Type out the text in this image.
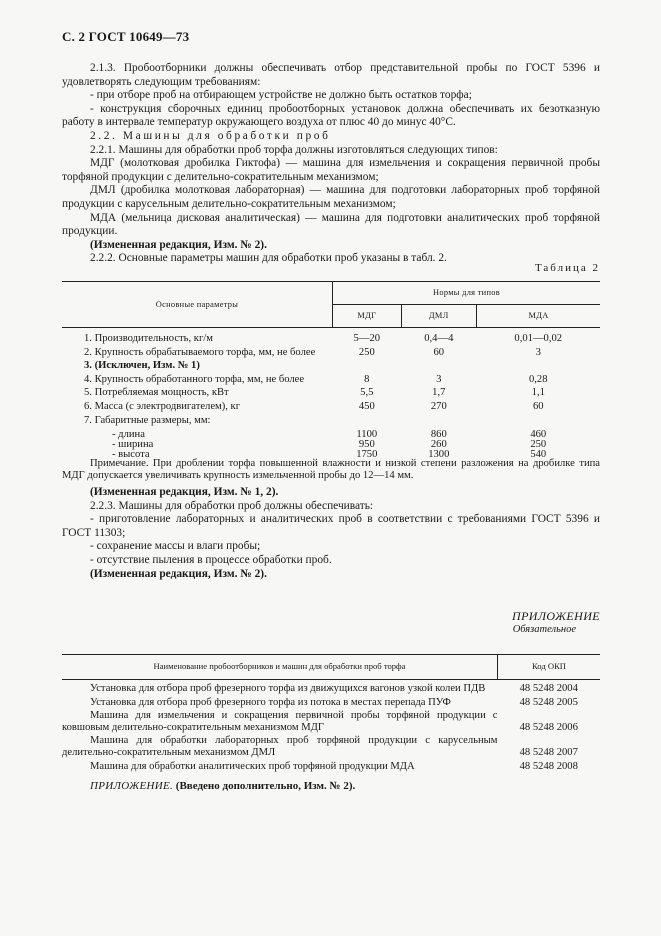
С. 2 ГОСТ 10649—73

2.1.3. Пробоотборники должны обеспечивать отбор представительной пробы по ГОСТ 5396 и удовлетворять следующим требованиям:

- при отборе проб на отбирающем устройстве не должно быть остатков торфа;

- конструкция сборочных единиц пробоотборных установок должна обеспечивать их безотказную работу в интервале температур окружающего воздуха от плюс 40 до минус 40°С.

2.2. Машины для обработки проб

2.2.1. Машины для обработки проб торфа должны изготовляться следующих типов:

МДГ (молотковая дробилка Гиктофа) — машина для измельчения и сокращения первичной пробы торфяной продукции с делительно-сократительным механизмом;

ДМЛ (дробилка молотковая лабораторная) — машина для подготовки лабораторных проб торфяной продукции с карусельным делительно-сократительным механизмом;

МДА (мельница дисковая аналитическая) — машина для подготовки аналитических проб торфяной продукции.

(Измененная редакция, Изм. № 2).

2.2.2. Основные параметры машин для обработки проб указаны в табл. 2.

Таблица 2
Основные параметры	Нормы для типов		
	МДГ	ДМЛ	МДА

1. Производительность, кг/м	5—20	0,4—4	0,01—0,02
2. Крупность обрабатываемого торфа, мм, не более	250	60	3
3. (Исключен, Изм. № 1)			
4. Крупность обработанного торфа, мм, не более	8	3	0,28
5. Потребляемая мощность, кВт	5,5	1,7	1,1
6. Масса (с электродвигателем), кг	450	270	60
7. Габаритные размеры, мм:			
- длина	1100	860	460
- ширина	950	260	250
- высота	1750	1300	540

Примечание. При дроблении торфа повышенной влажности и низкой степени разложения на дробилке типа МДГ допускается увеличивать крупность измельченной пробы до 12—14 мм.

(Измененная редакция, Изм. № 1, 2).

2.2.3. Машины для обработки проб должны обеспечивать:

- приготовление лабораторных и аналитических проб в соответствии с требованиями ГОСТ 5396 и ГОСТ 11303;

- сохранение массы и влаги пробы;

- отсутствие пыления в процессе обработки проб.

(Измененная редакция, Изм. № 2).

ПРИЛОЖЕНИЕ
Обязательное
Наименование пробоотборников и машин для обработки проб торфа	Код ОКП

Установка для отбора проб фрезерного торфа из движущихся вагонов узкой колеи ПДВ	48 5248 2004
Установка для отбора проб фрезерного торфа из потока в местах перепада ПУФ	48 5248 2005
Машина для измельчения и сокращения первичной пробы торфяной продукции с ковшовым делительно-сократительным механизмом МДГ	48 5248 2006
Машина для обработки лабораторных проб торфяной продукции с карусельным делительно-сократительным механизмом ДМЛ	48 5248 2007
Машина для обработки аналитических проб торфяной продукции МДА	48 5248 2008
ПРИЛОЖЕНИЕ. (Введено дополнительно, Изм. № 2).
